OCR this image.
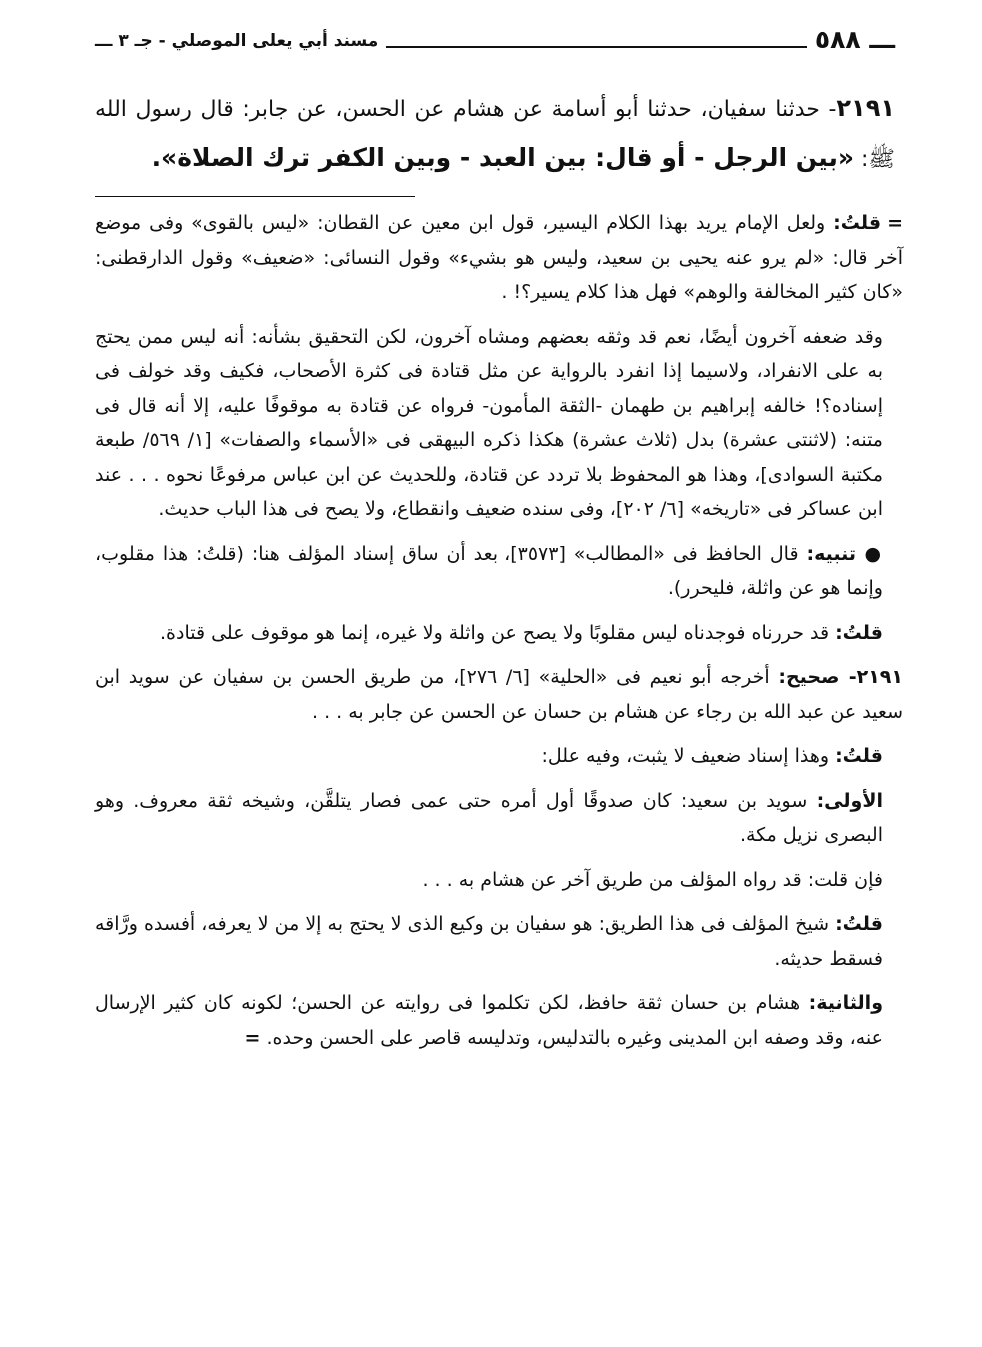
ـــ ٥٨٨
مسند أبي يعلى الموصلي - جـ ٣ ـــ
٢١٩١- حدثنا سفيان، حدثنا أبو أسامة عن هشام عن الحسن، عن جابر: قال رسول الله ﷺ: «بين الرجل - أو قال: بين العبد - وبين الكفر ترك الصلاة».

=قلتُ: ولعل الإمام يريد بهذا الكلام اليسير، قول ابن معين عن القطان: «ليس بالقوى» وفى موضع آخر قال: «لم يرو عنه يحيى بن سعيد، وليس هو بشيء» وقول النسائى: «ضعيف» وقول الدارقطنى: «كان كثير المخالفة والوهم» فهل هذا كلام يسير؟! .

وقد ضعفه آخرون أيضًا، نعم قد وثقه بعضهم ومشاه آخرون، لكن التحقيق بشأنه: أنه ليس ممن يحتج به على الانفراد، ولاسيما إذا انفرد بالرواية عن مثل قتادة فى كثرة الأصحاب، فكيف وقد خولف فى إسناده؟! خالفه إبراهيم بن طهمان -الثقة المأمون- فرواه عن قتادة به موقوفًا عليه، إلا أنه قال فى متنه: (لاثنتى عشرة) بدل (ثلاث عشرة) هكذا ذكره البيهقى فى «الأسماء والصفات» [١/ ٥٦٩/ طبعة مكتبة السوادى]، وهذا هو المحفوظ بلا تردد عن قتادة، وللحديث عن ابن عباس مرفوعًا نحوه . . . عند ابن عساكر فى «تاريخه» [٦/ ٢٠٢]، وفى سنده ضعيف وانقطاع، ولا يصح فى هذا الباب حديث.

● تنبيه: قال الحافظ فى «المطالب» [٣٥٧٣]، بعد أن ساق إسناد المؤلف هنا: (قلتُ: هذا مقلوب، وإنما هو عن واثلة، فليحرر).

قلتُ: قد حررناه فوجدناه ليس مقلوبًا ولا يصح عن واثلة ولا غيره، إنما هو موقوف على قتادة.

٢١٩١- صحيح: أخرجه أبو نعيم فى «الحلية» [٦/ ٢٧٦]، من طريق الحسن بن سفيان عن سويد ابن سعيد عن عبد الله بن رجاء عن هشام بن حسان عن الحسن عن جابر به . . .

قلتُ: وهذا إسناد ضعيف لا يثبت، وفيه علل:

الأولى: سويد بن سعيد: كان صدوقًا أول أمره حتى عمى فصار يتلقَّن، وشيخه ثقة معروف. وهو البصرى نزيل مكة.

فإن قلت: قد رواه المؤلف من طريق آخر عن هشام به . . .

قلتُ: شيخ المؤلف فى هذا الطريق: هو سفيان بن وكيع الذى لا يحتج به إلا من لا يعرفه، أفسده ورَّاقه فسقط حديثه.

والثانية: هشام بن حسان ثقة حافظ، لكن تكلموا فى روايته عن الحسن؛ لكونه كان كثير الإرسال عنه، وقد وصفه ابن المدينى وغيره بالتدليس، وتدليسه قاصر على الحسن وحده. =
